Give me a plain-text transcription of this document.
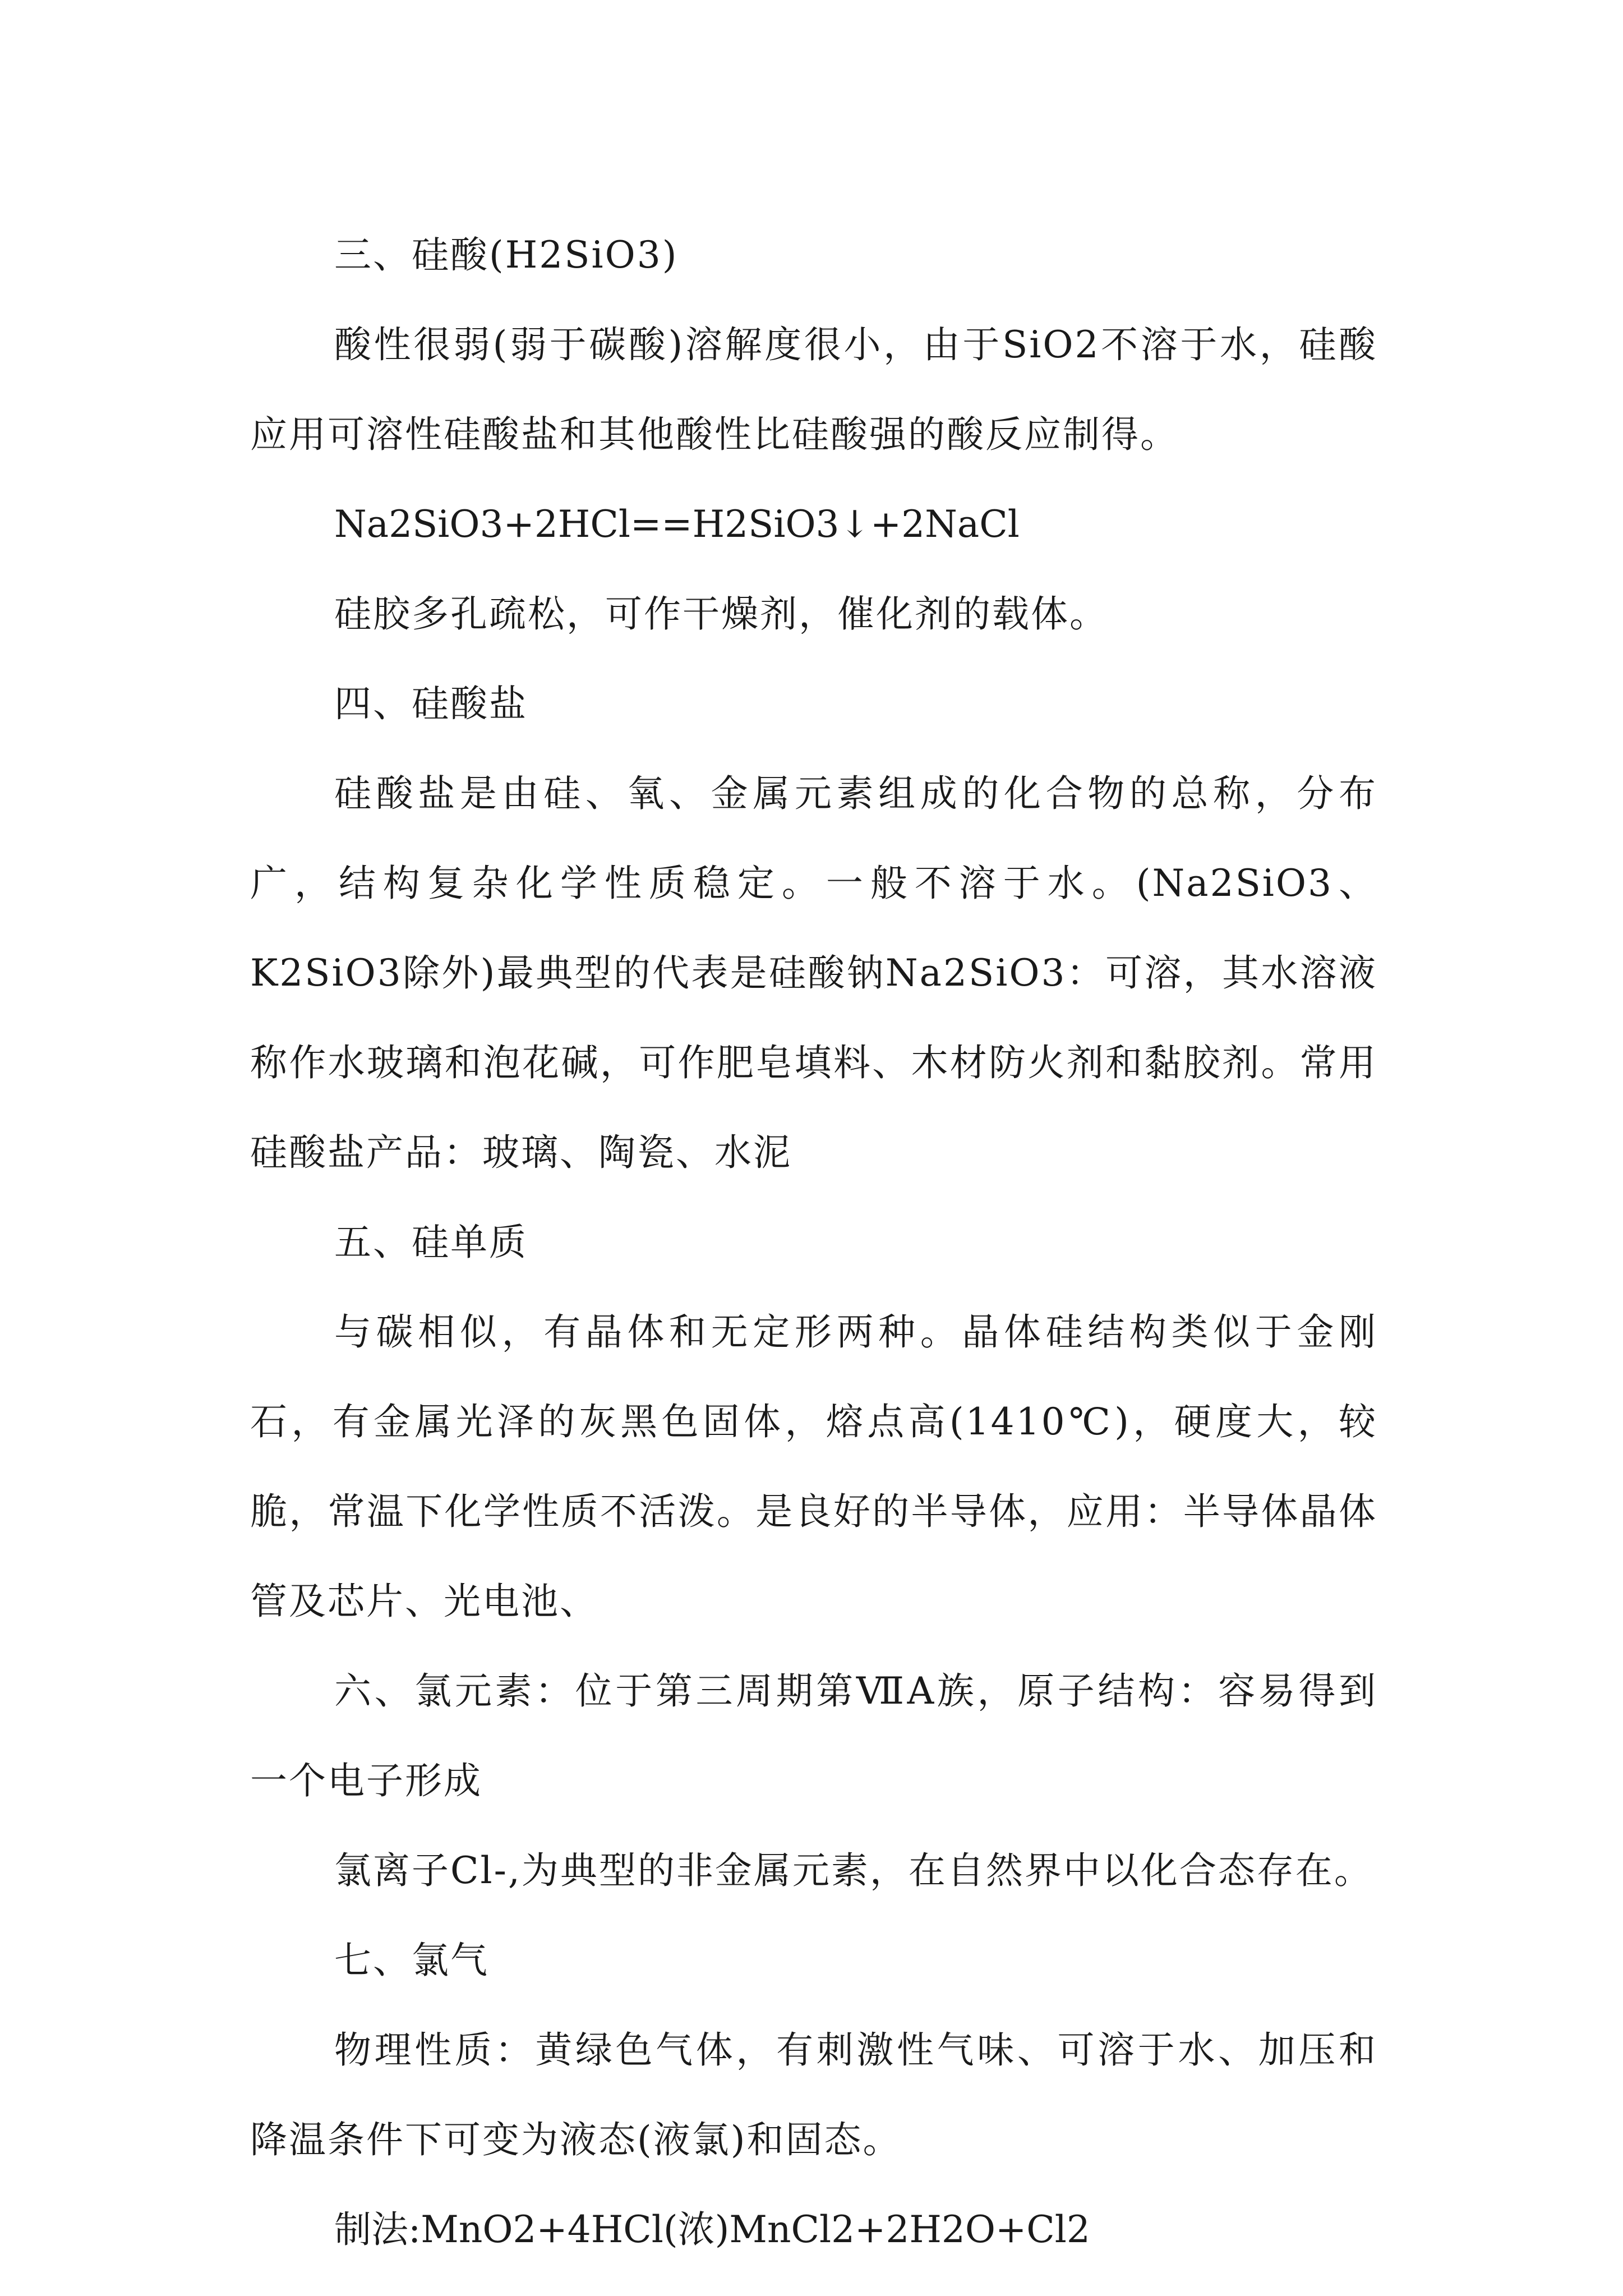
三、硅酸(H2SiO3)

酸性很弱(弱于碳酸)溶解度很小，由于SiO2不溶于水，硅酸应用可溶性硅酸盐和其他酸性比硅酸强的酸反应制得。

Na2SiO3+2HCl==H2SiO3↓+2NaCl

硅胶多孔疏松，可作干燥剂，催化剂的载体。

四、硅酸盐

硅酸盐是由硅、氧、金属元素组成的化合物的总称，分布广，结构复杂化学性质稳定。一般不溶于水。(Na2SiO3、K2SiO3除外)最典型的代表是硅酸钠Na2SiO3：可溶，其水溶液称作水玻璃和泡花碱，可作肥皂填料、木材防火剂和黏胶剂。常用硅酸盐产品：玻璃、陶瓷、水泥

五、硅单质

与碳相似，有晶体和无定形两种。晶体硅结构类似于金刚石，有金属光泽的灰黑色固体，熔点高(1410℃)，硬度大，较脆，常温下化学性质不活泼。是良好的半导体，应用：半导体晶体管及芯片、光电池、

六、氯元素：位于第三周期第ⅦA族，原子结构：容易得到一个电子形成

氯离子Cl-,为典型的非金属元素，在自然界中以化合态存在。

七、氯气

物理性质：黄绿色气体，有刺激性气味、可溶于水、加压和降温条件下可变为液态(液氯)和固态。

制法:MnO2+4HCl(浓)MnCl2+2H2O+Cl2
